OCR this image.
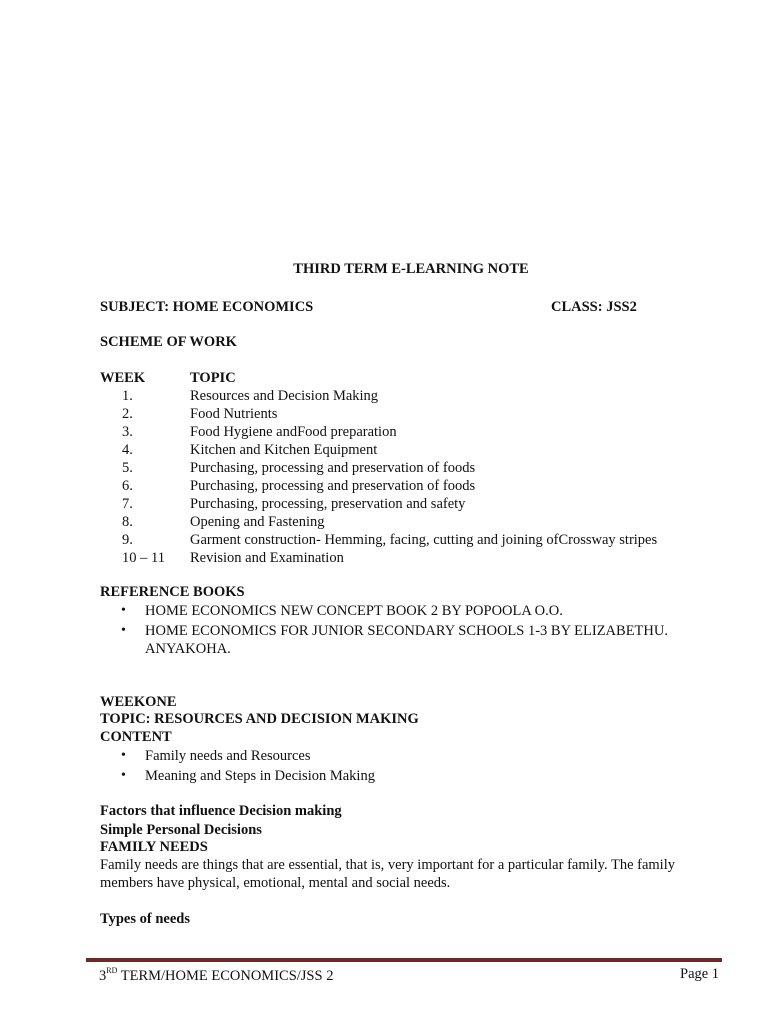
THIRD TERM E-LEARNING NOTE
SUBJECT: HOME ECONOMICS	CLASS: JSS2
SCHEME OF WORK
WEEK	TOPIC
1.	Resources and Decision Making
2.	Food Nutrients
3.	Food Hygiene andFood preparation
4.	Kitchen and Kitchen Equipment
5.	Purchasing, processing and preservation of foods
6.	Purchasing, processing and preservation of foods
7.	Purchasing, processing, preservation and safety
8.	Opening and Fastening
9.	Garment construction- Hemming, facing, cutting and joining ofCrossway stripes
10 – 11 Revision and Examination
REFERENCE BOOKS
• HOME ECONOMICS NEW CONCEPT BOOK 2 BY POPOOLA O.O.
• HOME ECONOMICS FOR JUNIOR SECONDARY SCHOOLS 1-3 BY ELIZABETHU.
ANYAKOHA.
WEEKONE
TOPIC: RESOURCES AND DECISION MAKING
CONTENT
• Family needs and Resources
• Meaning and Steps in Decision Making
Factors that influence Decision making
Simple Personal Decisions
FAMILY NEEDS
Family needs are things that are essential, that is, very important for a particular family. The family
members have physical, emotional, mental and social needs.
Types of needs
3RD TERM/HOME ECONOMICS/JSS 2	Page 1
